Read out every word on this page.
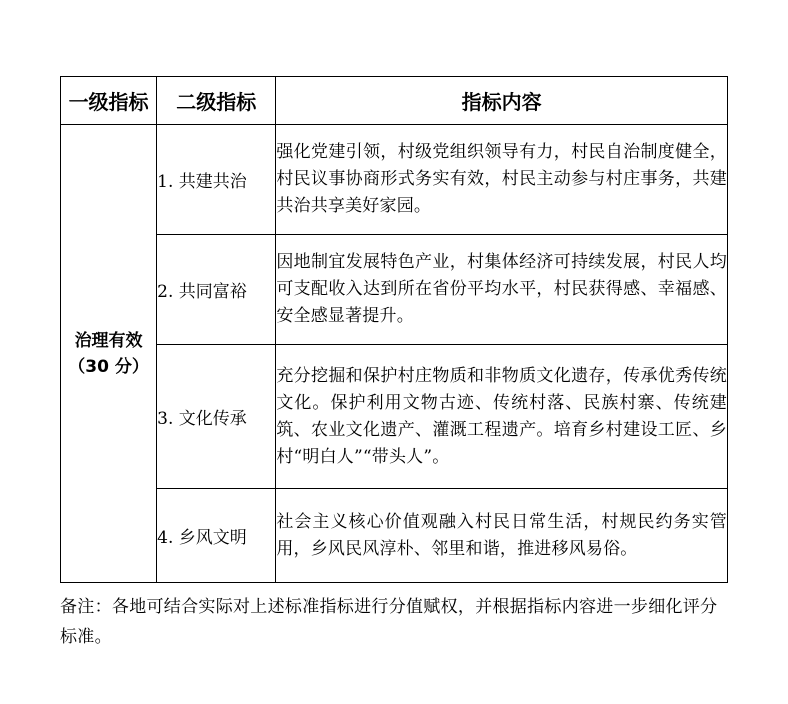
一级指标	二级指标	指标内容

治理有效
（30 分）	1. 共建共治	强化党建引领，村级党组织领导有力，村民自治制度健全，村民议事协商形式务实有效，村民主动参与村庄事务，共建共治共享美好家园。
	2. 共同富裕	因地制宜发展特色产业，村集体经济可持续发展，村民人均可支配收入达到所在省份平均水平，村民获得感、幸福感、安全感显著提升。
	3. 文化传承	充分挖掘和保护村庄物质和非物质文化遗存，传承优秀传统文化。保护利用文物古迹、传统村落、民族村寨、传统建筑、农业文化遗产、灌溉工程遗产。培育乡村建设工匠、乡村“明白人”“带头人”。
	4. 乡风文明	社会主义核心价值观融入村民日常生活，村规民约务实管用，乡风民风淳朴、邻里和谐，推进移风易俗。
备注：各地可结合实际对上述标准指标进行分值赋权，并根据指标内容进一步细化评分标准。
